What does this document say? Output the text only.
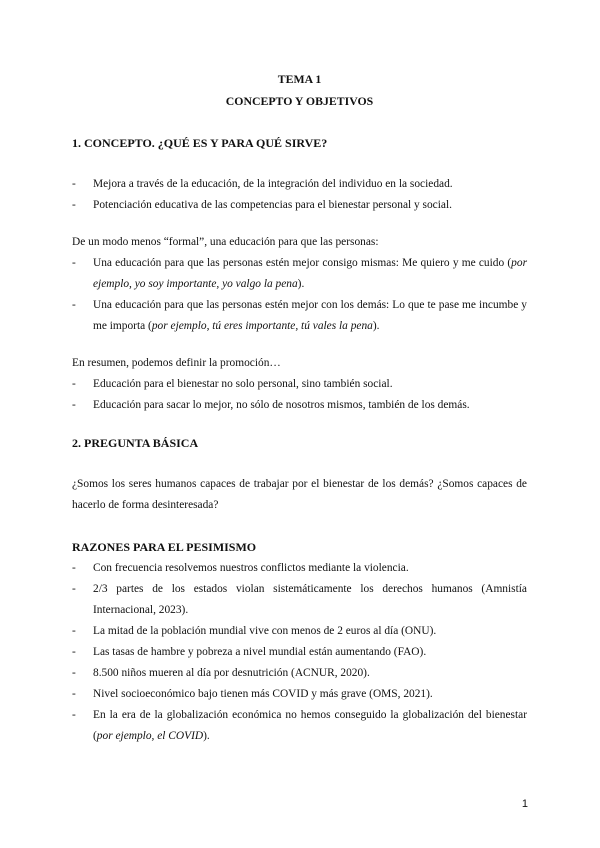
TEMA 1
CONCEPTO Y OBJETIVOS
1. CONCEPTO. ¿QUÉ ES Y PARA QUÉ SIRVE?
- Mejora a través de la educación, de la integración del individuo en la sociedad.
- Potenciación educativa de las competencias para el bienestar personal y social.

De un modo menos “formal”, una educación para que las personas:

- Una educación para que las personas estén mejor consigo mismas: Me quiero y me cuido (por ejemplo, yo soy importante, yo valgo la pena).
- Una educación para que las personas estén mejor con los demás: Lo que te pase me incumbe y me importa (por ejemplo, tú eres importante, tú vales la pena).

En resumen, podemos definir la promoción…

- Educación para el bienestar no solo personal, sino también social.
- Educación para sacar lo mejor, no sólo de nosotros mismos, también de los demás.
2. PREGUNTA BÁSICA

¿Somos los seres humanos capaces de trabajar por el bienestar de los demás? ¿Somos capaces de hacerlo de forma desinteresada?

RAZONES PARA EL PESIMISMO
- Con frecuencia resolvemos nuestros conflictos mediante la violencia.
- 2/3 partes de los estados violan sistemáticamente los derechos humanos (Amnistía Internacional, 2023).
- La mitad de la población mundial vive con menos de 2 euros al día (ONU).
- Las tasas de hambre y pobreza a nivel mundial están aumentando (FAO).
- 8.500 niños mueren al día por desnutrición (ACNUR, 2020).
- Nivel socioeconómico bajo tienen más COVID y más grave (OMS, 2021).
- En la era de la globalización económica no hemos conseguido la globalización del bienestar (por ejemplo, el COVID).
1
